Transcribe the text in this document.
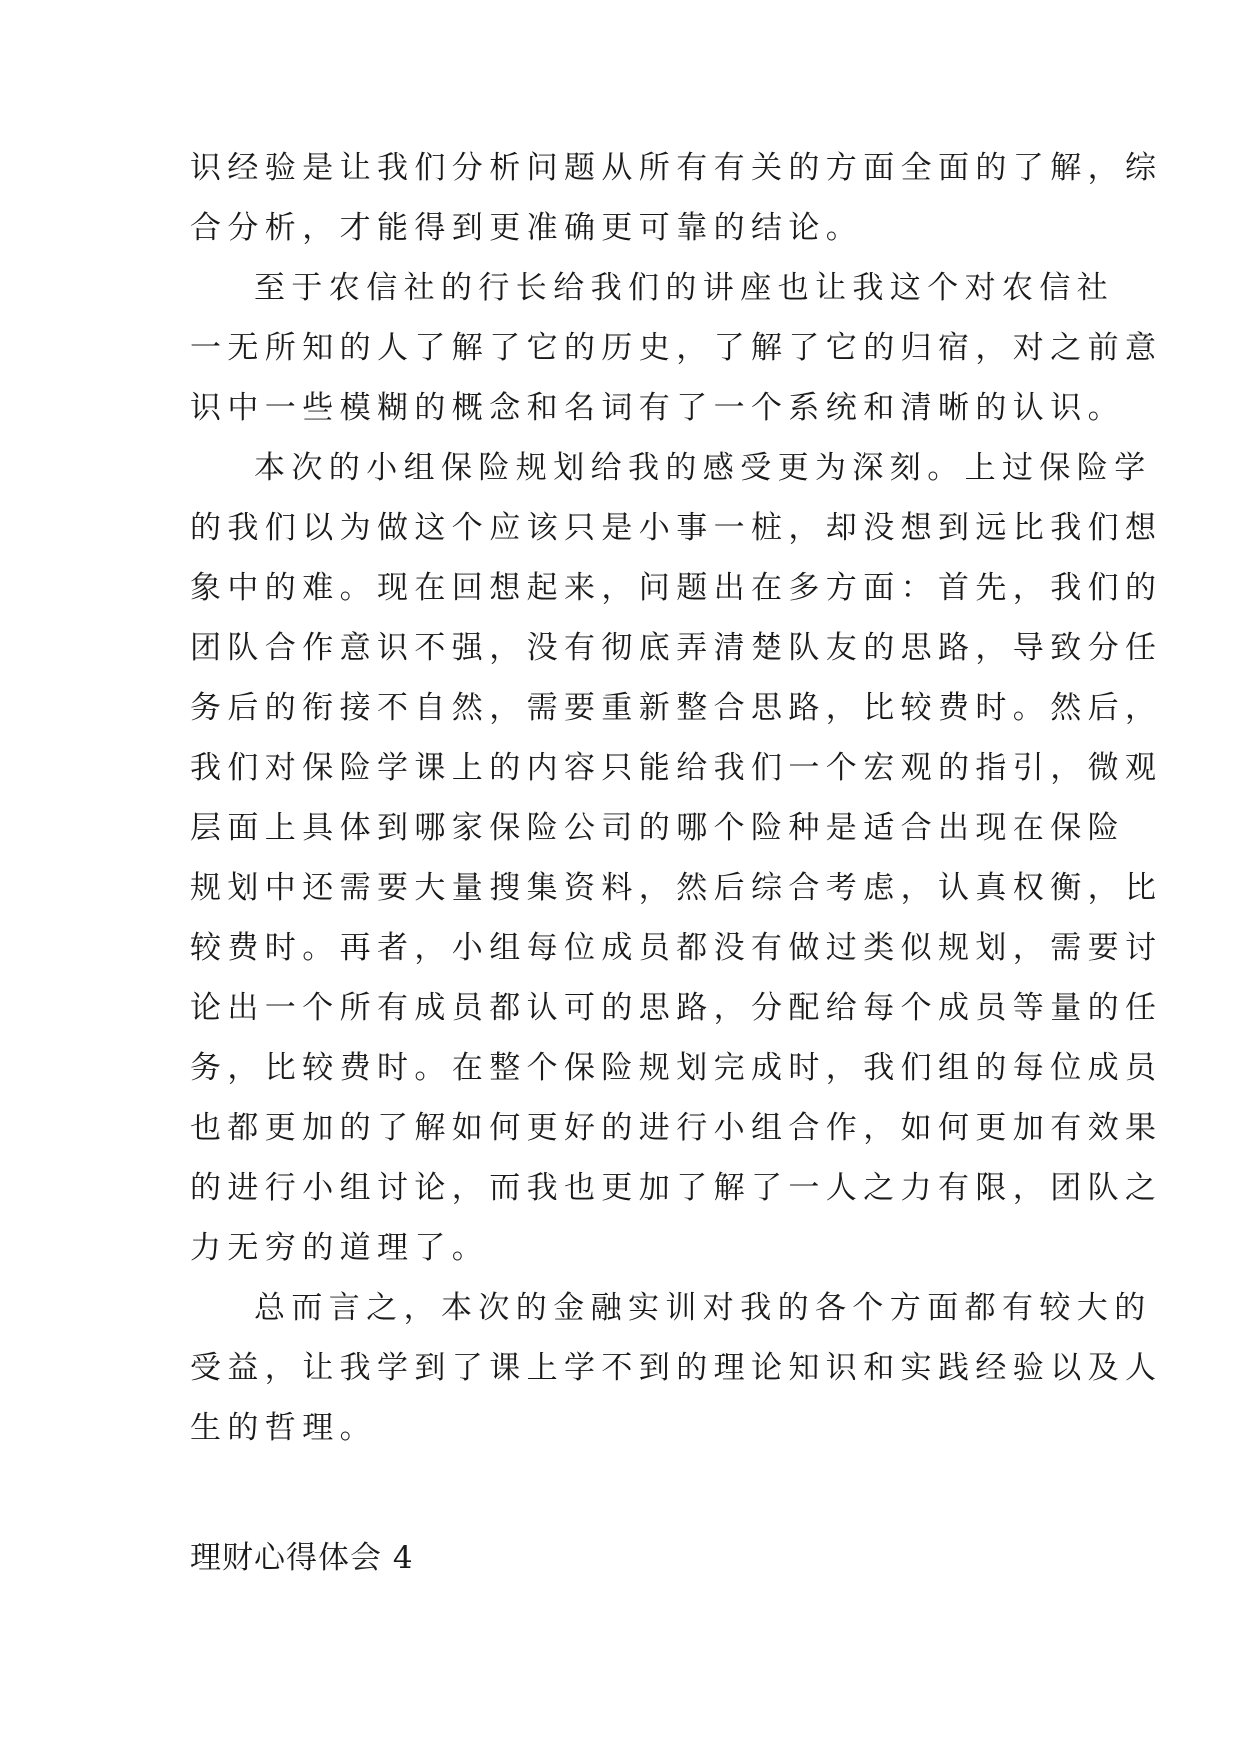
识经验是让我们分析问题从所有有关的方面全面的了解，综
合分析，才能得到更准确更可靠的结论。
至于农信社的行长给我们的讲座也让我这个对农信社
一无所知的人了解了它的历史，了解了它的归宿，对之前意
识中一些模糊的概念和名词有了一个系统和清晰的认识。
本次的小组保险规划给我的感受更为深刻。上过保险学
的我们以为做这个应该只是小事一桩，却没想到远比我们想
象中的难。现在回想起来，问题出在多方面：首先，我们的
团队合作意识不强，没有彻底弄清楚队友的思路，导致分任
务后的衔接不自然，需要重新整合思路，比较费时。然后，
我们对保险学课上的内容只能给我们一个宏观的指引，微观
层面上具体到哪家保险公司的哪个险种是适合出现在保险
规划中还需要大量搜集资料，然后综合考虑，认真权衡，比
较费时。再者，小组每位成员都没有做过类似规划，需要讨
论出一个所有成员都认可的思路，分配给每个成员等量的任
务，比较费时。在整个保险规划完成时，我们组的每位成员
也都更加的了解如何更好的进行小组合作，如何更加有效果
的进行小组讨论，而我也更加了解了一人之力有限，团队之
力无穷的道理了。
总而言之，本次的金融实训对我的各个方面都有较大的
受益，让我学到了课上学不到的理论知识和实践经验以及人
生的哲理。
理财心得体会 4
